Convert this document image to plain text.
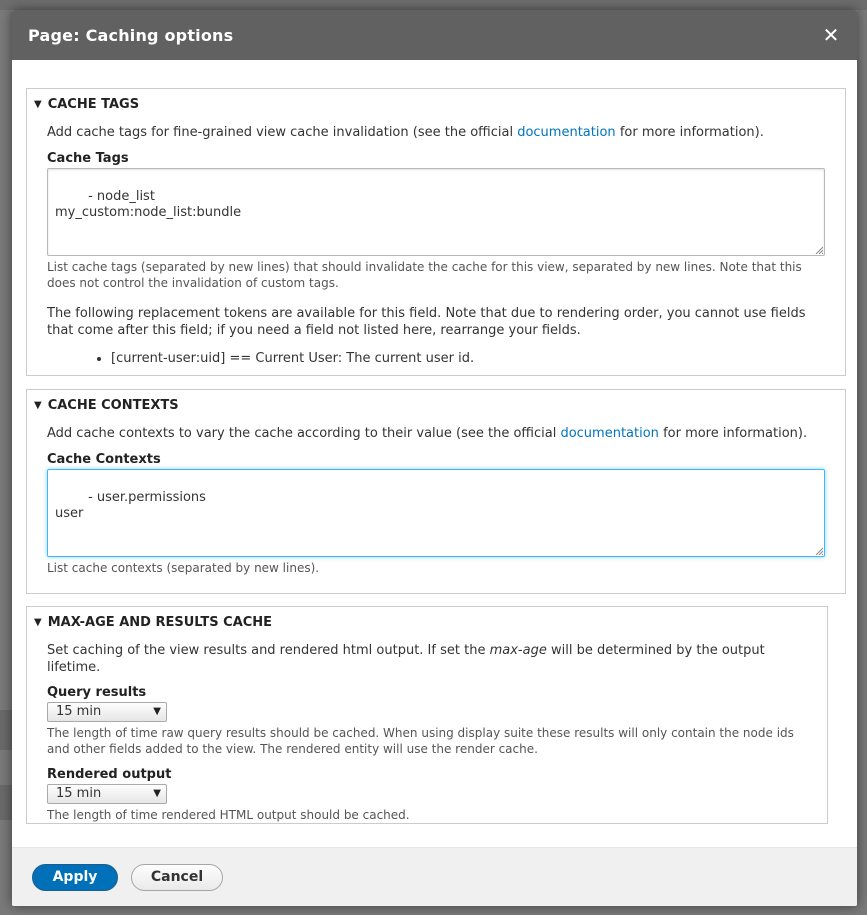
Page: Caching options	✕
▼ CACHE TAGS
Add cache tags for fine-grained view cache invalidation (see the official documentation for more information).
Cache Tags

- node_list
my_custom:node_list:bundle

List cache tags (separated by new lines) that should invalidate the cache for this view, separated by new lines. Note that this does not control the invalidation of custom tags.
The following replacement tokens are available for this field. Note that due to rendering order, you cannot use fields that come after this field; if you need a field not listed here, rearrange your fields.
• [current-user:uid] == Current User: The current user id.
▼ CACHE CONTEXTS
Add cache contexts to vary the cache according to their value (see the official documentation for more information).
Cache Contexts

- user.permissions
user

List cache contexts (separated by new lines).
▼ MAX-AGE AND RESULTS CACHE
Set caching of the view results and rendered html output. If set the max-age will be determined by the output lifetime.
Query results
15 min	▼
The length of time raw query results should be cached. When using display suite these results will only contain the node ids and other fields added to the view. The rendered entity will use the render cache.
Rendered output
15 min	▼
The length of time rendered HTML output should be cached.
Apply	Cancel
